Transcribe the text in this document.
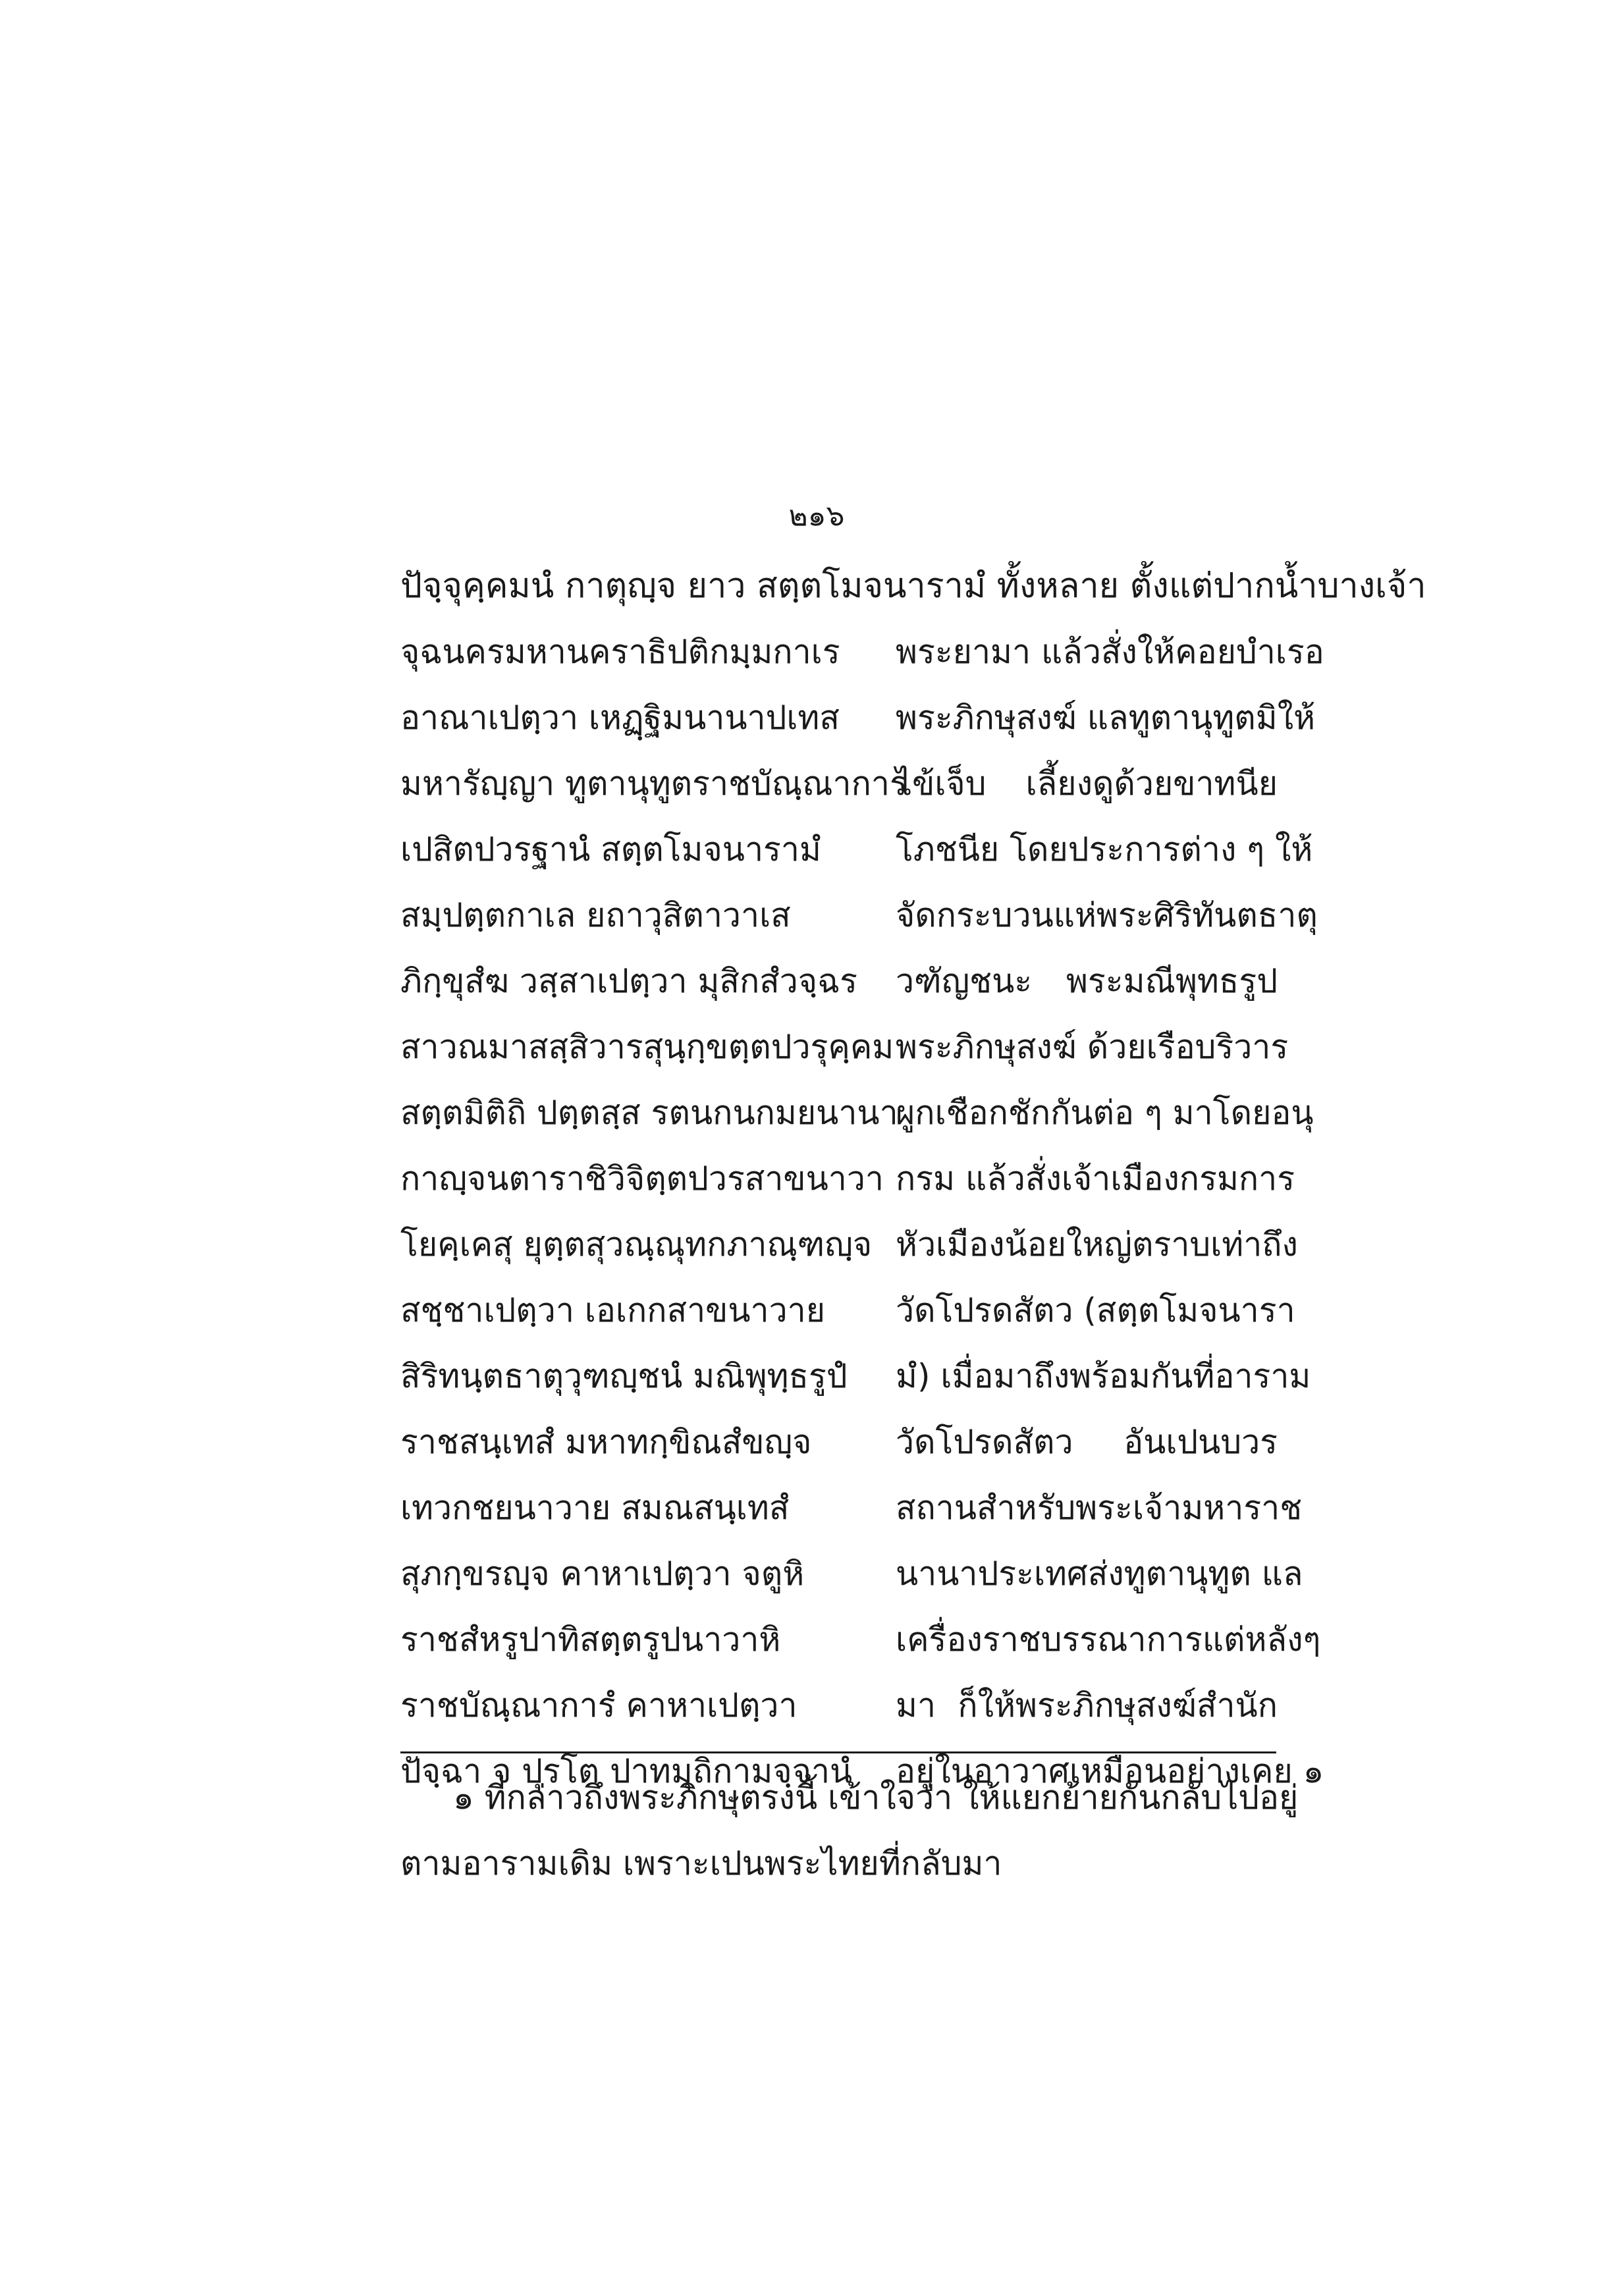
๒๑๖
ปัจฺจุคฺคมนํ กาตุญฺจ ยาว สตฺตโมจนารามํ ทั้งหลาย ตั้งแต่ปากน้ำบางเจ้า
จุฉนครมหานคราธิปติกมฺมกาเร
อาณาเปตฺวา เหฏฺฐิมนานาปเทส
มหารัญฺญา ทูตานุทูตราชบัณฺณาการ
เปสิตปวรฐานํ สตฺตโมจนารามํ
สมฺปตฺตกาเล ยถาวุสิตาวาเส
ภิกฺขุสํฆ วสฺสาเปตฺวา มุสิกสํวจฺฉร
สาวณมาสสฺสิวารสุนฺกฺขตฺตปวรุคฺคม
สตฺตมิติถิ ปตฺตสฺส รตนกนกมยนานา
กาญฺจนตาราชิวิจิตฺตปวรสาขนาวา
โยคฺเคสุ ยุตฺตสุวณฺณุทกภาณฺฑญฺจ
สชฺชาเปตฺวา เอเกกสาขนาวาย
สิริทนฺตธาตุวุฑญฺชนํ มณิพุทฺธรูปํ
ราชสนฺเทสํ มหาทกฺขิณสํขญฺจ
เทวกชยนาวาย สมณสนฺเทสํ
สุภกฺขรญฺจ คาหาเปตฺวา จตูหิ
ราชสํหรูปาทิสตฺตรูปนาวาหิ
ราชบัณฺณาการํ คาหาเปตฺวา
ปัจฺฉา จ ปุรโต ปาทมุถิกามจฺจานํ
พระยามา แล้วสั่งให้คอยบำเรอ
พระภิกษุสงฆ์ แลทูตานุทูตมิให้
ไข้เจ็บ เลี้ยงดูด้วยขาทนีย
โภชนีย โดยประการต่าง ๆ ให้
จัดกระบวนแห่พระศิริทันตธาตุ
วฑัญชนะ พระมณีพุทธรูป
พระภิกษุสงฆ์ ด้วยเรือบริวาร
ผูกเชือกชักกันต่อ ๆ มาโดยอนุ
กรม แล้วสั่งเจ้าเมืองกรมการ
หัวเมืองน้อยใหญ่ตราบเท่าถึง
วัดโปรดสัตว (สตฺตโมจนารา
มํ) เมื่อมาถึงพร้อมกันที่อาราม
วัดโปรดสัตว อันเปนบวร
สถานสำหรับพระเจ้ามหาราช
นานาประเทศส่งทูตานุทูต แล
เครื่องราชบรรณาการแต่หลังๆ
มา ก็ให้พระภิกษุสงฆ์สำนัก
อยู่ในอาวาศเหมือนอย่างเคย ๑
๑ ที่กล่าวถึงพระภิกษุตรงนี้ เข้าใจว่า ให้แยกย้ายกันกลับไปอยู่
ตามอารามเดิม เพราะเปนพระไทยที่กลับมา
